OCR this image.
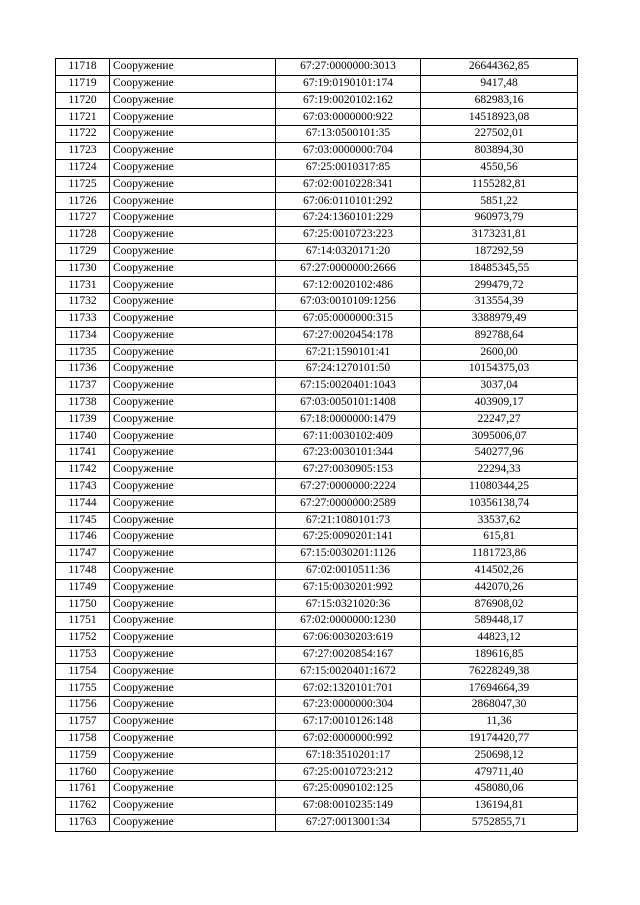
11718	Сооружение	67:27:0000000:3013	26644362,85
11719	Сооружение	67:19:0190101:174	9417,48
11720	Сооружение	67:19:0020102:162	682983,16
11721	Сооружение	67:03:0000000:922	14518923,08
11722	Сооружение	67:13:0500101:35	227502,01
11723	Сооружение	67:03:0000000:704	803894,30
11724	Сооружение	67:25:0010317:85	4550,56
11725	Сооружение	67:02:0010228:341	1155282,81
11726	Сооружение	67:06:0110101:292	5851,22
11727	Сооружение	67:24:1360101:229	960973,79
11728	Сооружение	67:25:0010723:223	3173231,81
11729	Сооружение	67:14:0320171:20	187292,59
11730	Сооружение	67:27:0000000:2666	18485345,55
11731	Сооружение	67:12:0020102:486	299479,72
11732	Сооружение	67:03:0010109:1256	313554,39
11733	Сооружение	67:05:0000000:315	3388979,49
11734	Сооружение	67:27:0020454:178	892788,64
11735	Сооружение	67:21:1590101:41	2600,00
11736	Сооружение	67:24:1270101:50	10154375,03
11737	Сооружение	67:15:0020401:1043	3037,04
11738	Сооружение	67:03:0050101:1408	403909,17
11739	Сооружение	67:18:0000000:1479	22247,27
11740	Сооружение	67:11:0030102:409	3095006,07
11741	Сооружение	67:23:0030101:344	540277,96
11742	Сооружение	67:27:0030905:153	22294,33
11743	Сооружение	67:27:0000000:2224	11080344,25
11744	Сооружение	67:27:0000000:2589	10356138,74
11745	Сооружение	67:21:1080101:73	33537,62
11746	Сооружение	67:25:0090201:141	615,81
11747	Сооружение	67:15:0030201:1126	1181723,86
11748	Сооружение	67:02:0010511:36	414502,26
11749	Сооружение	67:15:0030201:992	442070,26
11750	Сооружение	67:15:0321020:36	876908,02
11751	Сооружение	67:02:0000000:1230	589448,17
11752	Сооружение	67:06:0030203:619	44823,12
11753	Сооружение	67:27:0020854:167	189616,85
11754	Сооружение	67:15:0020401:1672	76228249,38
11755	Сооружение	67:02:1320101:701	17694664,39
11756	Сооружение	67:23:0000000:304	2868047,30
11757	Сооружение	67:17:0010126:148	11,36
11758	Сооружение	67:02:0000000:992	19174420,77
11759	Сооружение	67:18:3510201:17	250698,12
11760	Сооружение	67:25:0010723:212	479711,40
11761	Сооружение	67:25:0090102:125	458080,06
11762	Сооружение	67:08:0010235:149	136194,81
11763	Сооружение	67:27:0013001:34	5752855,71
